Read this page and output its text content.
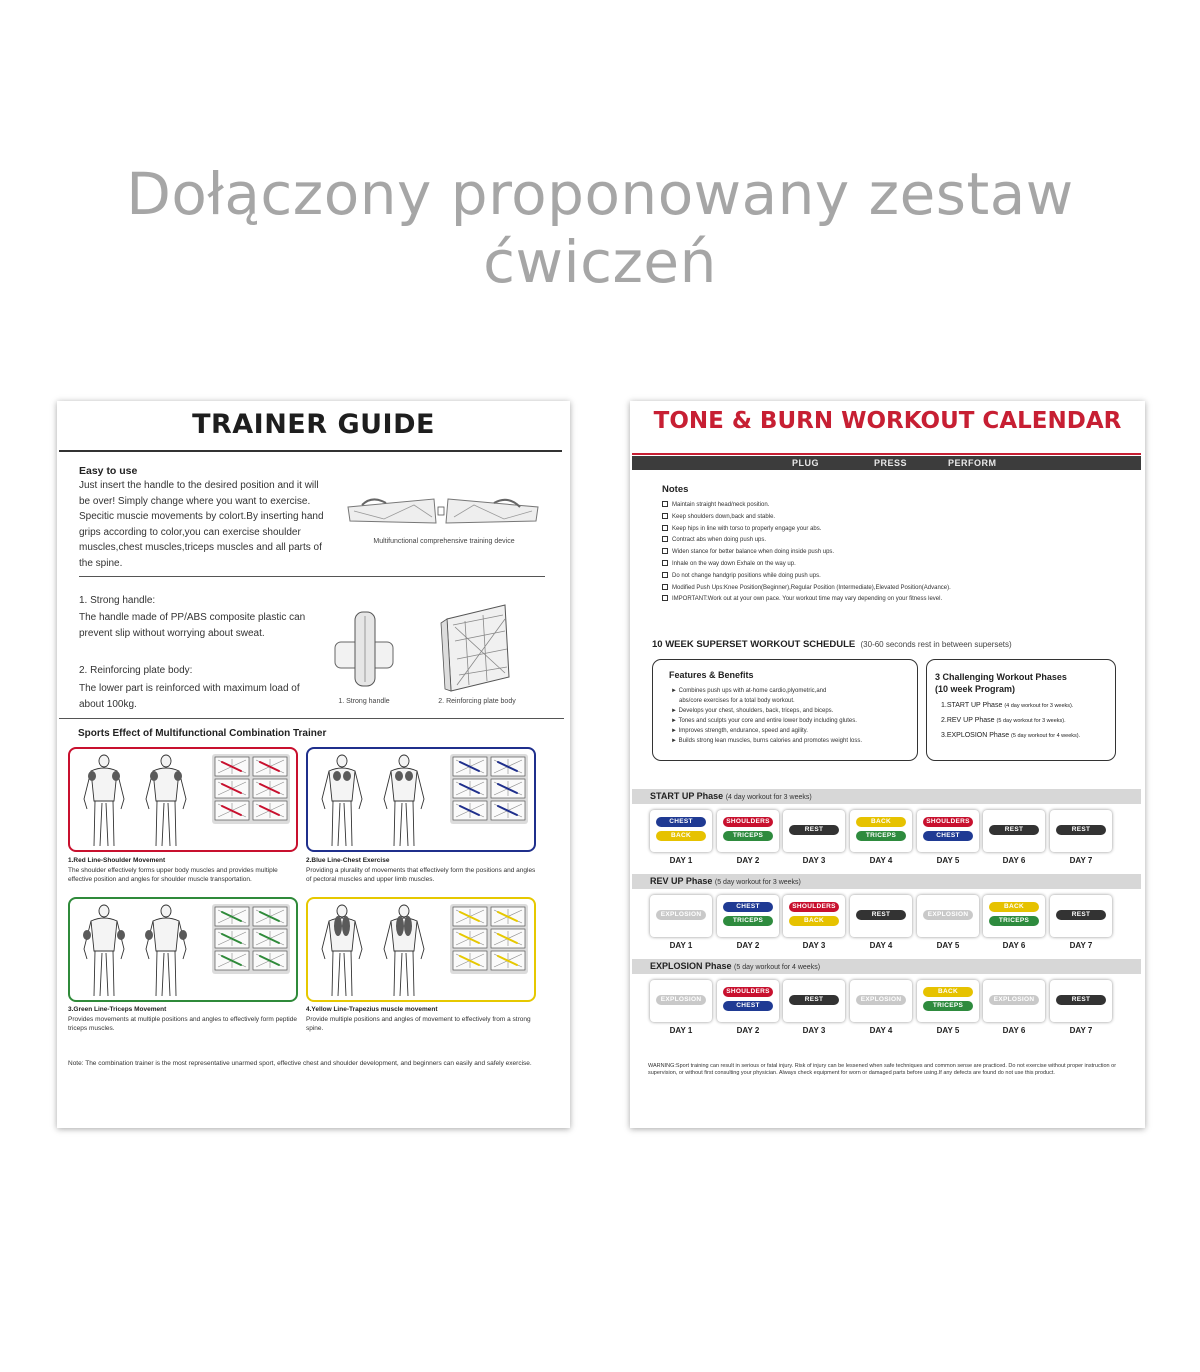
Dołączony proponowany zestaw ćwiczeń
TRAINER GUIDE
Easy to use
Just insert the handle to the desired position and it will be over! Simply change where you want to exercise. Specitic muscie movements by colort.By inserting hand grips according to color,you can exercise shoulder muscles,chest muscles,triceps muscles and all parts of the spine.
Multifunctional comprehensive training device
1. Strong handle:
The handle made of PP/ABS composite plastic can prevent slip without worrying about sweat.
2. Reinforcing plate body:
The lower part is reinforced with maximum load of about 100kg.	1. Strong handle	2. Reinforcing plate body
Sports Effect of Multifunctional Combination Trainer
1.Red Line-Shoulder Movement
The shoulder effectively forms upper body muscles and provides multiple effective position and angles for shoulder muscle transportation.
2.Blue Line-Chest Exercise
Providing a plurality of movements that effectively form the positions and angles of pectoral muscles and upper limb muscles.
3.Green Line-Triceps Movement
Provides movements at multiple positions and angles to effectively form peptide triceps muscles.
4.Yellow Line-Trapezius muscle movement
Provide multiple positions and angles of movement to effectively from a strong spine.
Note: The combination trainer is the most representative unarmed sport, effective chest and shoulder development, and beginners can easily and safely exercise.
TONE & BURN WORKOUT CALENDAR
PLUG	PRESS	PERFORM
Notes
Maintain straight head/neck position.
Keep shoulders down,back and stable.
Keep hips in line with torso to properly engage your abs.
Contract abs when doing push ups.
Widen stance for better balance when doing inside push ups.
Inhale on the way down Exhale on the way up.
Do not change handgrip positions while doing push ups.
Modified Push Ups:Knee Position(Beginner),Regular Position (Intermediate),Elevated Position(Advance).
IMPORTANT:Work out at your own pace. Your workout time may vary depending on your fitness level.
10 WEEK SUPERSET WORKOUT SCHEDULE (30-60 seconds rest in between supersets)
Features & Benefits
► Combines push ups with at-home cardio,plyometric,and
abs/core exercises for a total body workout.
► Develops your chest, shoulders, back, triceps, and biceps.
► Tones and sculpts your core and entire lower body including glutes.
► Improves strength, endurance, speed and agility.
► Builds strong lean muscles, burns calories and promotes weight loss.
3 Challenging Workout Phases
(10 week Program)
1.START UP Phase (4 day workout for 3 weeks).
2.REV UP Phase (5 day workout for 3 weeks).
3.EXPLOSION Phase (5 day workout for 4 weeks).
START UP Phase (4 day workout for 3 weeks)
CHEST
BACK
DAY 1
SHOULDERS
TRICEPS
DAY 2
REST
DAY 3
BACK
TRICEPS
DAY 4
SHOULDERS
CHEST
DAY 5
REST
DAY 6
REST
DAY 7
REV UP Phase (5 day workout for 3 weeks)
EXPLOSION
DAY 1
CHEST
TRICEPS
DAY 2
SHOULDERS
BACK
DAY 3
REST
DAY 4
EXPLOSION
DAY 5
BACK
TRICEPS
DAY 6
REST
DAY 7
EXPLOSION Phase (5 day workout for 4 weeks)
EXPLOSION
DAY 1
SHOULDERS
CHEST
DAY 2
REST
DAY 3
EXPLOSION
DAY 4
BACK
TRICEPS
DAY 5
EXPLOSION
DAY 6
REST
DAY 7
WARNING:Sport training can result in serious or fatal injury. Risk of injury can be lessened when safe techniques and common sense are practiced. Do not exercise without proper instruction or supervision, or without first consulting your physician. Always check equipment for worn or damaged parts before using.If any defects are found do not use this product.
